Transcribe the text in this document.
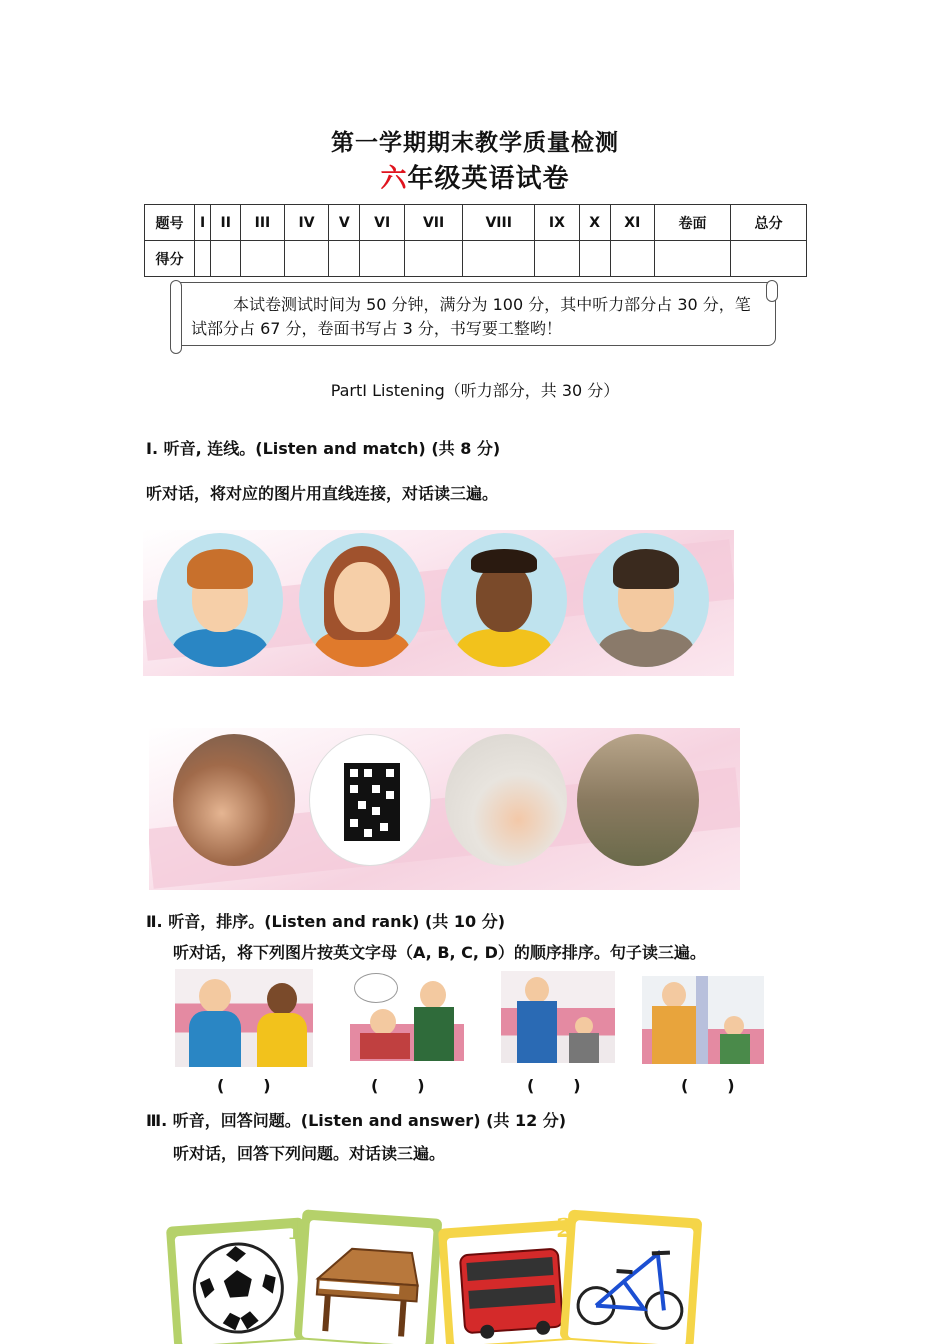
第一学期期末教学质量检测
六年级英语试卷
题号	I	II	III	IV	V	VI	VII	VIII	IX	X	XI	卷面	总分
得分													
本试卷测试时间为 50 分钟，满分为 100 分，其中听力部分占 30 分，笔试部分占 67 分，卷面书写占 3 分，书写要工整哟！
PartⅠ Listening（听力部分，共 30 分）
Ⅰ. 听音, 连线。(Listen and match) (共 8 分)
听对话，将对应的图片用直线连接，对话读三遍。
Ⅱ. 听音，排序。(Listen and rank) (共 10 分)
听对话，将下列图片按英文字母（A, B, C, D）的顺序排序。句子读三遍。
(       )	(       )	(       )	(       )
Ⅲ. 听音，回答问题。(Listen and answer) (共 12 分)
听对话，回答下列问题。对话读三遍。
1	2
